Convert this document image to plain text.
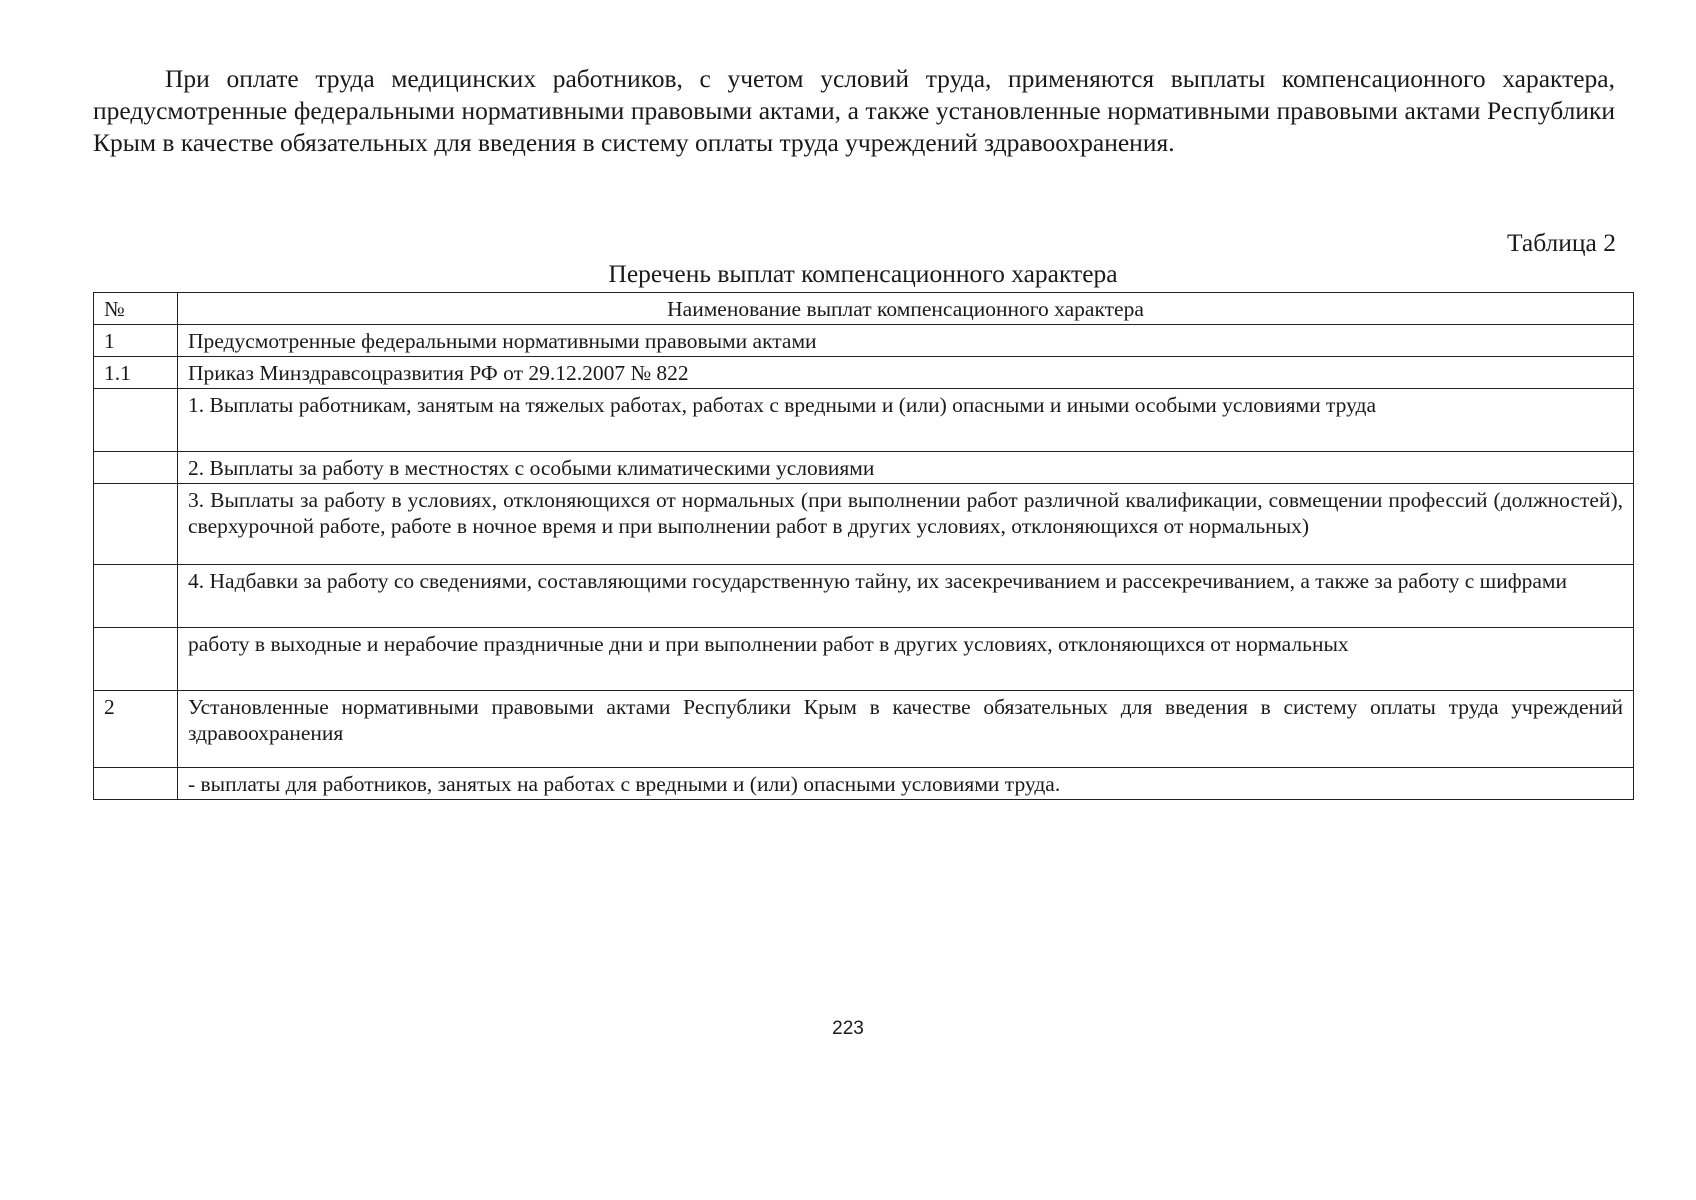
При оплате труда медицинских работников, с учетом условий труда, применяются выплаты компенсационного характера, предусмотренные федеральными нормативными правовыми актами, а также установленные нормативными правовыми актами Республики Крым в качестве обязательных для введения в систему оплаты труда учреждений здравоохранения.

Таблица 2

Перечень выплат компенсационного характера

№	Наименование выплат компенсационного характера
1	Предусмотренные федеральными нормативными правовыми актами
1.1	Приказ Минздравсоцразвития РФ от 29.12.2007 № 822
	1. Выплаты работникам, занятым на тяжелых работах, работах с вредными и (или) опасными и иными особыми условиями труда
	2. Выплаты за работу в местностях с особыми климатическими условиями
	3. Выплаты за работу в условиях, отклоняющихся от нормальных (при выполнении работ различной квалификации, совмещении профессий (должностей), сверхурочной работе, работе в ночное время и при выполнении работ в других условиях, отклоняющихся от нормальных)
	4. Надбавки за работу со сведениями, составляющими государственную тайну, их засекречиванием и рассекречиванием, а также за работу с шифрами
	работу в выходные и нерабочие праздничные дни и при выполнении работ в других условиях, отклоняющихся от нормальных
2	Установленные нормативными правовыми актами Республики Крым в качестве обязательных для введения в систему оплаты труда учреждений здравоохранения
	- выплаты для работников, занятых на работах с вредными и (или) опасными условиями труда.

223
